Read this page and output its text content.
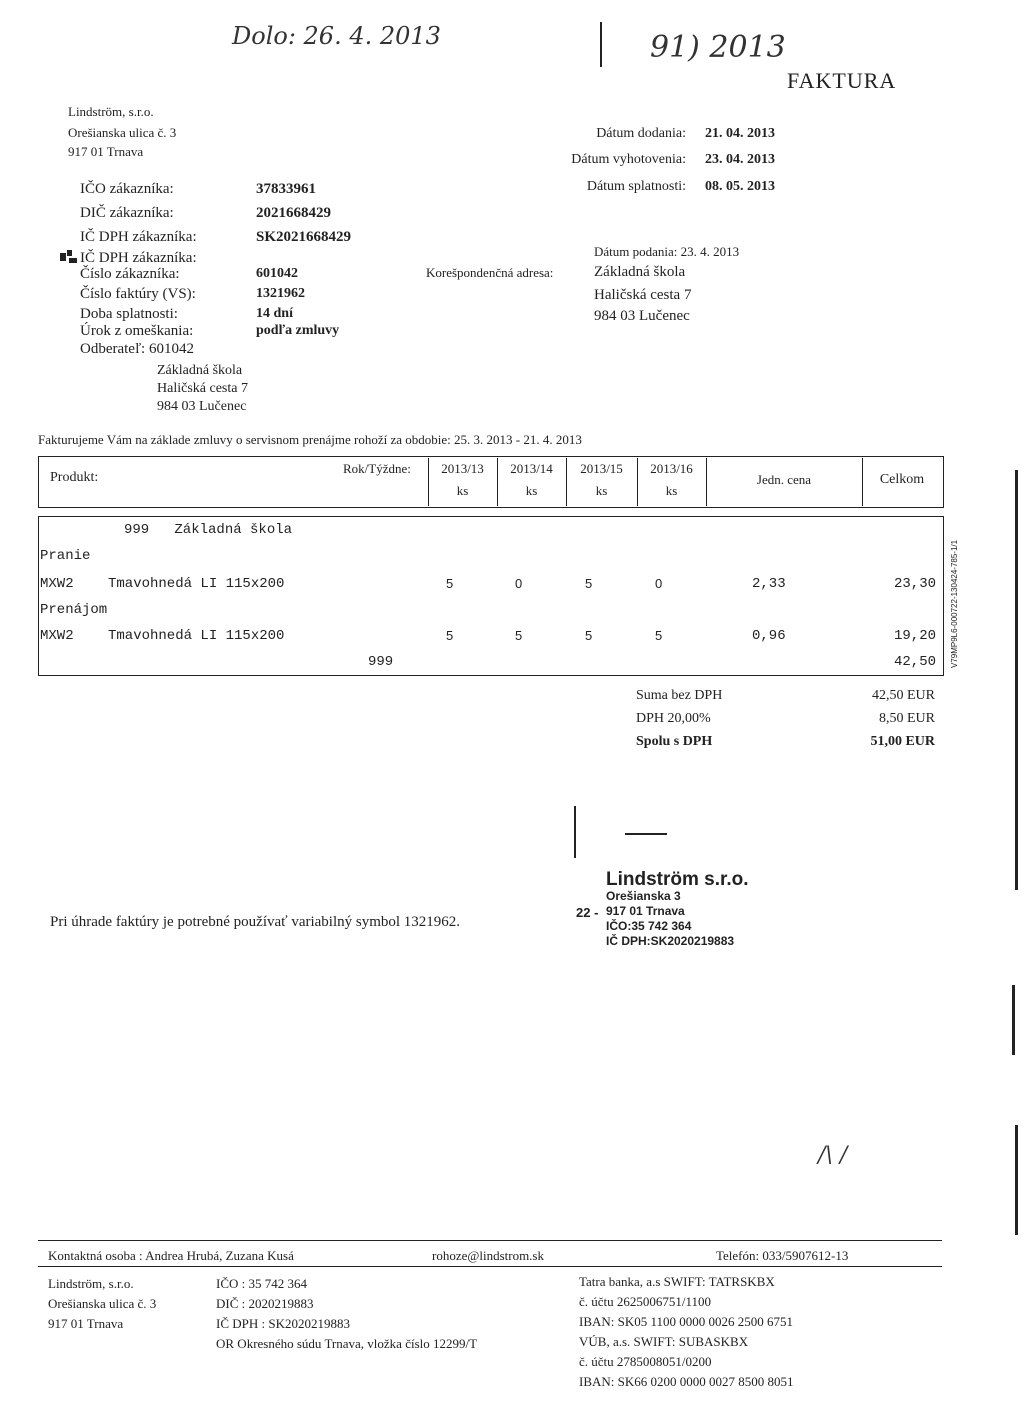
Dolo: 26. 4. 2013	91) 2013
FAKTURA
Lindström, s.r.o.
Orešianska ulica č. 3
917 01 Trnava
Dátum dodania: 21. 04. 2013
Dátum vyhotovenia: 23. 04. 2013
Dátum splatnosti: 08. 05. 2013
Dátum podania: 23. 4. 2013
IČO zákazníka:	37833961
DIČ zákazníka:	2021668429
IČ DPH zákazníka:	SK2021668429
IČ DPH zákazníka:
Číslo zákazníka:	601042
Číslo faktúry (VS):	1321962
Doba splatnosti:	14 dní
Úrok z omeškania:	podľa zmluvy
Odberateľ: 601042
Základná škola
Haličská cesta 7
984 03 Lučenec
Korešpondenčná adresa:	Základná škola
Haličská cesta 7
984 03 Lučenec
Fakturujeme Vám na základe zmluvy o servisnom prenájme rohoží za obdobie: 25. 3. 2013 - 21. 4. 2013
Produkt:
Rok/Týždne:	2013/13	2013/14	2013/15	2013/16
ks	ks	ks	ks
Jedn. cena	Celkom
999   Základná škola
Pranie
MXW2 Tmavohnedá LI 115x200	5	0	5	0	2,33	23,30
Prenájom
MXW2 Tmavohnedá LI 115x200	5	5	5	5	0,96	19,20
999	42,50 V79MP9L6-000722-130424-785-1/1
Suma bez DPH	42,50 EUR
DPH 20,00%	8,50 EUR
Spolu s DPH	51,00 EUR
Pri úhrade faktúry je potrebné používať variabilný symbol 1321962.
Lindström s.r.o.
Orešianska 3
22 - 917 01 Trnava
IČO:35 742 364
IČ DPH:SK2020219883
/\ /
Kontaktná osoba : Andrea Hrubá, Zuzana Kusá	rohoze@lindstrom.sk	Telefón: 033/5907612-13
Lindström, s.r.o.
Orešianska ulica č. 3
917 01 Trnava
IČO : 35 742 364
DIČ : 2020219883
IČ DPH : SK2020219883
OR Okresného súdu Trnava, vložka číslo 12299/T
Tatra banka, a.s SWIFT: TATRSKBX
č. účtu 2625006751/1100
IBAN: SK05 1100 0000 0026 2500 6751
VÚB, a.s. SWIFT: SUBASKBX
č. účtu 2785008051/0200
IBAN: SK66 0200 0000 0027 8500 8051
